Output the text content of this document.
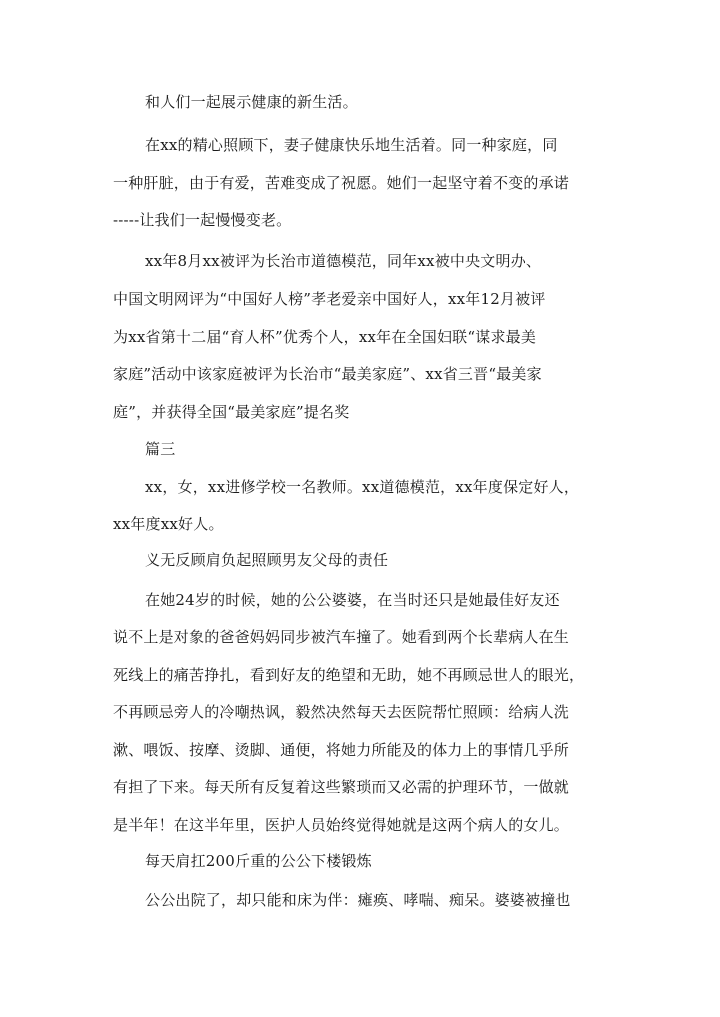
和人们一起展示健康的新生活。
在xx的精心照顾下，妻子健康快乐地生活着。同一种家庭，同
一种肝脏，由于有爱，苦难变成了祝愿。她们一起坚守着不变的承诺
-----让我们一起慢慢变老。
xx年8月xx被评为长治市道德模范，同年xx被中央文明办、
中国文明网评为“中国好人榜”孝老爱亲中国好人，xx年12月被评
为xx省第十二届“育人杯”优秀个人，xx年在全国妇联“谋求最美
家庭”活动中该家庭被评为长治市“最美家庭”、xx省三晋“最美家
庭”，并获得全国“最美家庭”提名奖
篇三
xx，女，xx进修学校一名教师。xx道德模范，xx年度保定好人，
xx年度xx好人。
义无反顾肩负起照顾男友父母的责任
在她24岁的时候，她的公公婆婆，在当时还只是她最佳好友还
说不上是对象的爸爸妈妈同步被汽车撞了。她看到两个长辈病人在生
死线上的痛苦挣扎，看到好友的绝望和无助，她不再顾忌世人的眼光，
不再顾忌旁人的冷嘲热讽，毅然决然每天去医院帮忙照顾：给病人洗
漱、喂饭、按摩、烫脚、通便，将她力所能及的体力上的事情几乎所
有担了下来。每天所有反复着这些繁琐而又必需的护理环节，一做就
是半年！在这半年里，医护人员始终觉得她就是这两个病人的女儿。
每天肩扛200斤重的公公下楼锻炼
公公出院了，却只能和床为伴：瘫痪、哮喘、痴呆。婆婆被撞也
